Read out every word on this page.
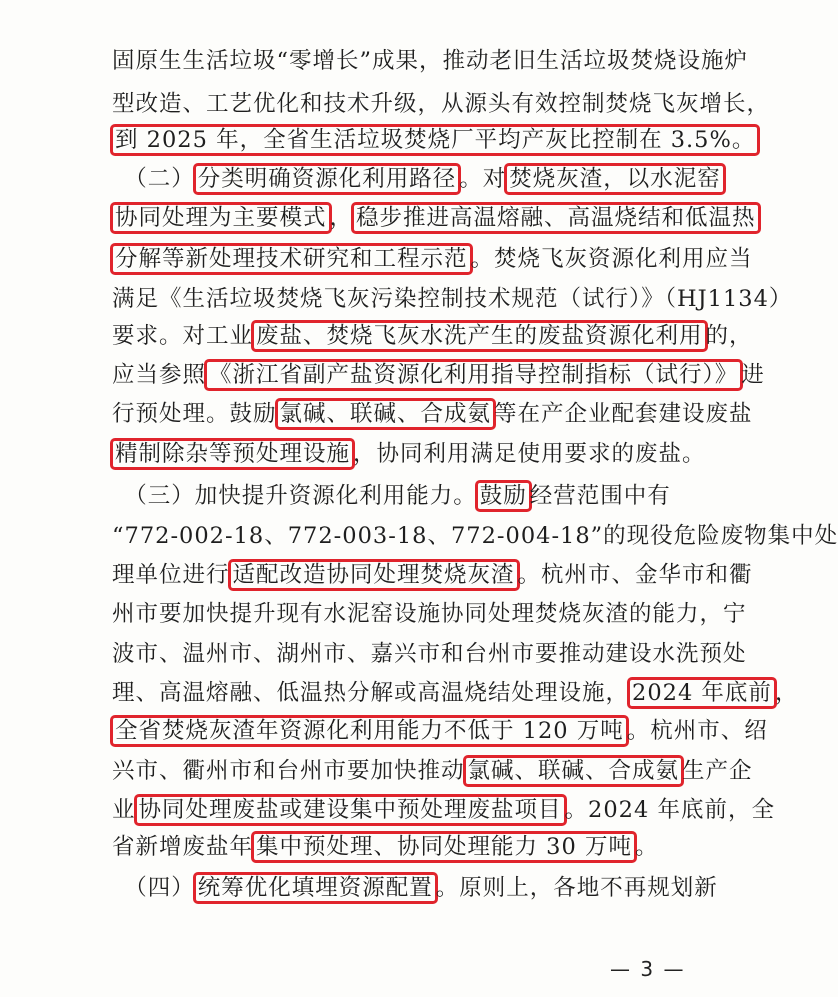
固原生生活垃圾“零增长”成果，推动老旧生活垃圾焚烧设施炉
型改造、工艺优化和技术升级，从源头有效控制焚烧飞灰增长，
到 2025 年，全省生活垃圾焚烧厂平均产灰比控制在 3.5%。
　（二） 分类明确资源化利用路径 。对 焚烧灰渣，以水泥窑
协同处理为主要模式 ， 稳步推进高温熔融、高温烧结和低温热
分解等新处理技术研究和工程示范 。焚烧飞灰资源化利用应当
满足《生活垃圾焚烧飞灰污染控制技术规范（试行）》（HJ1134）
要求。对工业 废盐、焚烧飞灰水洗产生的废盐资源化利用 的，
应当参照 《浙江省副产盐资源化利用指导控制指标（试行）》 进
行预处理。鼓励 氯碱、联碱、合成氨 等在产企业配套建设废盐
精制除杂等预处理设施 ，协同利用满足使用要求的废盐。
　（三）加快提升资源化利用能力。 鼓励 经营范围中有
“772-002-18、772-003-18、772-004-18”的现役危险废物集中处
理单位进行 适配改造协同处理焚烧灰渣 。杭州市、金华市和衢
州市要加快提升现有水泥窑设施协同处理焚烧灰渣的能力，宁
波市、温州市、湖州市、嘉兴市和台州市要推动建设水洗预处
理、高温熔融、低温热分解或高温烧结处理设施， 2024 年底前 ，
全省焚烧灰渣年资源化利用能力不低于 120 万吨 。杭州市、绍
兴市、衢州市和台州市要加快推动 氯碱、联碱、合成氨 生产企
业 协同处理废盐或建设集中预处理废盐项目 。2024 年底前，全
省新增废盐年 集中预处理、协同处理能力 30 万吨 。
　（四） 统筹优化填埋资源配置 。原则上，各地不再规划新
— 3 —
